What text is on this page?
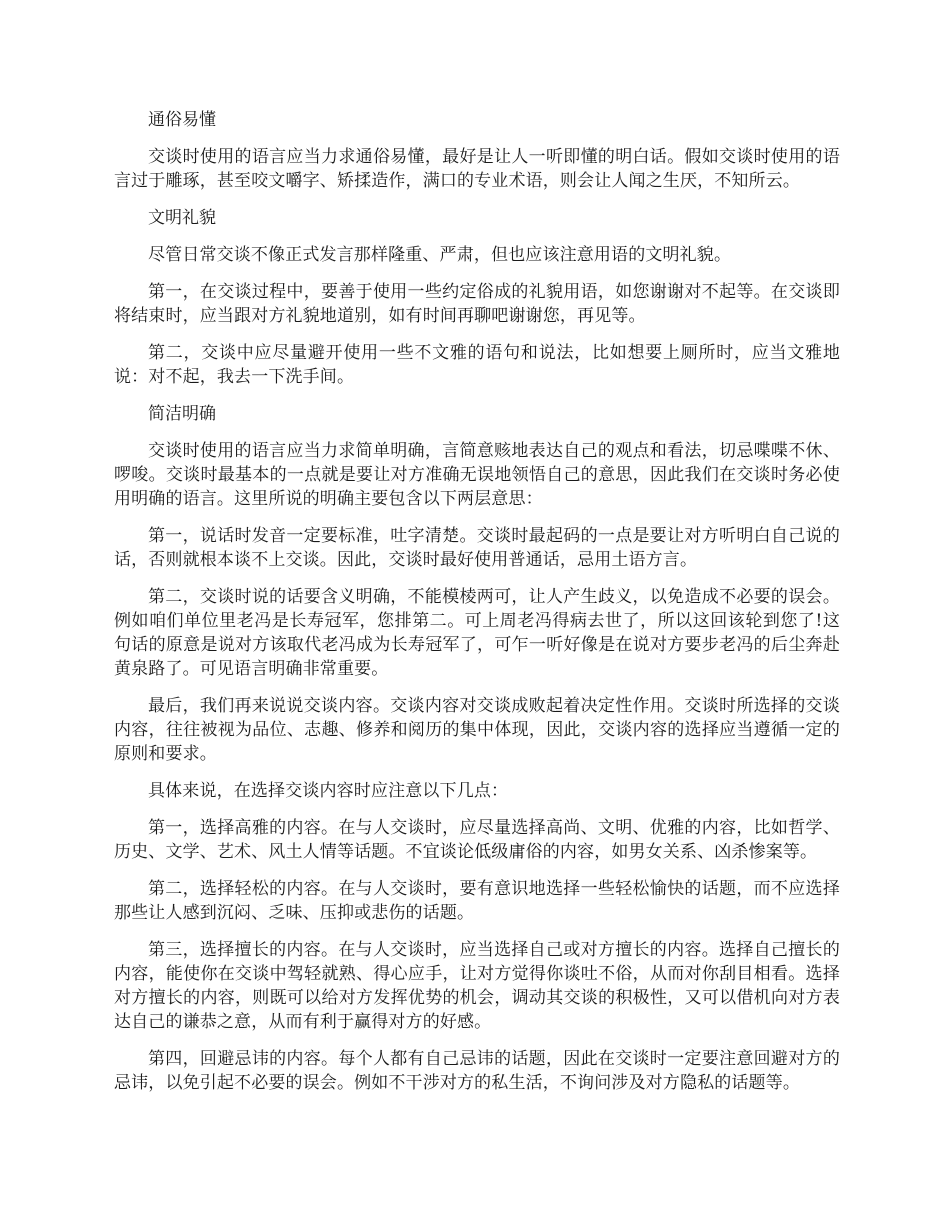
通俗易懂

交谈时使用的语言应当力求通俗易懂，最好是让人一听即懂的明白话。假如交谈时使用的语言过于雕琢，甚至咬文嚼字、矫揉造作，满口的专业术语，则会让人闻之生厌，不知所云。

文明礼貌

尽管日常交谈不像正式发言那样隆重、严肃，但也应该注意用语的文明礼貌。

第一，在交谈过程中，要善于使用一些约定俗成的礼貌用语，如您谢谢对不起等。在交谈即将结束时，应当跟对方礼貌地道别，如有时间再聊吧谢谢您，再见等。

第二，交谈中应尽量避开使用一些不文雅的语句和说法，比如想要上厕所时，应当文雅地说：对不起，我去一下洗手间。

简洁明确

交谈时使用的语言应当力求简单明确，言简意赅地表达自己的观点和看法，切忌喋喋不休、啰唆。交谈时最基本的一点就是要让对方准确无误地领悟自己的意思，因此我们在交谈时务必使用明确的语言。这里所说的明确主要包含以下两层意思：

第一，说话时发音一定要标准，吐字清楚。交谈时最起码的一点是要让对方听明白自己说的话，否则就根本谈不上交谈。因此，交谈时最好使用普通话，忌用土语方言。

第二，交谈时说的话要含义明确，不能模棱两可，让人产生歧义，以免造成不必要的误会。例如咱们单位里老冯是长寿冠军，您排第二。可上周老冯得病去世了，所以这回该轮到您了!这句话的原意是说对方该取代老冯成为长寿冠军了，可乍一听好像是在说对方要步老冯的后尘奔赴黄泉路了。可见语言明确非常重要。

最后，我们再来说说交谈内容。交谈内容对交谈成败起着决定性作用。交谈时所选择的交谈内容，往往被视为品位、志趣、修养和阅历的集中体现，因此，交谈内容的选择应当遵循一定的原则和要求。

具体来说，在选择交谈内容时应注意以下几点：

第一，选择高雅的内容。在与人交谈时，应尽量选择高尚、文明、优雅的内容，比如哲学、历史、文学、艺术、风土人情等话题。不宜谈论低级庸俗的内容，如男女关系、凶杀惨案等。

第二，选择轻松的内容。在与人交谈时，要有意识地选择一些轻松愉快的话题，而不应选择那些让人感到沉闷、乏味、压抑或悲伤的话题。

第三，选择擅长的内容。在与人交谈时，应当选择自己或对方擅长的内容。选择自己擅长的内容，能使你在交谈中驾轻就熟、得心应手，让对方觉得你谈吐不俗，从而对你刮目相看。选择对方擅长的内容，则既可以给对方发挥优势的机会，调动其交谈的积极性，又可以借机向对方表达自己的谦恭之意，从而有利于赢得对方的好感。

第四，回避忌讳的内容。每个人都有自己忌讳的话题，因此在交谈时一定要注意回避对方的忌讳，以免引起不必要的误会。例如不干涉对方的私生活，不询问涉及对方隐私的话题等。
